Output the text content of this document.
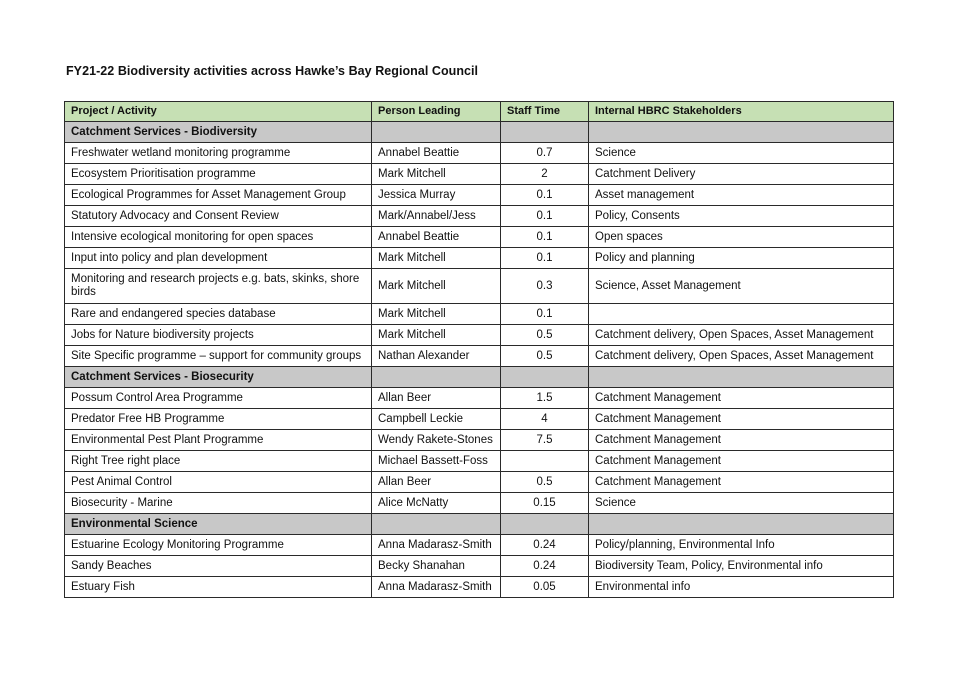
FY21-22 Biodiversity activities across Hawke’s Bay Regional Council
Project / Activity	Person Leading	Staff Time	Internal HBRC Stakeholders
Catchment Services - Biodiversity			
Freshwater wetland monitoring programme	Annabel Beattie	0.7	Science
Ecosystem Prioritisation programme	Mark Mitchell	2	Catchment Delivery
Ecological Programmes for Asset Management Group	Jessica Murray	0.1	Asset management
Statutory Advocacy and Consent Review	Mark/Annabel/Jess	0.1	Policy, Consents
Intensive ecological monitoring for open spaces	Annabel Beattie	0.1	Open spaces
Input into policy and plan development	Mark Mitchell	0.1	Policy and planning
Monitoring and research projects e.g. bats, skinks, shore birds	Mark Mitchell	0.3	Science, Asset Management
Rare and endangered species database	Mark Mitchell	0.1	
Jobs for Nature biodiversity projects	Mark Mitchell	0.5	Catchment delivery, Open Spaces, Asset Management
Site Specific programme – support for community groups	Nathan Alexander	0.5	Catchment delivery, Open Spaces, Asset Management
Catchment Services - Biosecurity			
Possum Control Area Programme	Allan Beer	1.5	Catchment Management
Predator Free HB Programme	Campbell Leckie	4	Catchment Management
Environmental Pest Plant Programme	Wendy Rakete-Stones	7.5	Catchment Management
Right Tree right place	Michael Bassett-Foss		Catchment Management
Pest Animal Control	Allan Beer	0.5	Catchment Management
Biosecurity - Marine	Alice McNatty	0.15	Science
Environmental Science			
Estuarine Ecology Monitoring Programme	Anna Madarasz-Smith	0.24	Policy/planning, Environmental Info
Sandy Beaches	Becky Shanahan	0.24	Biodiversity Team, Policy, Environmental info
Estuary Fish	Anna Madarasz-Smith	0.05	Environmental info
